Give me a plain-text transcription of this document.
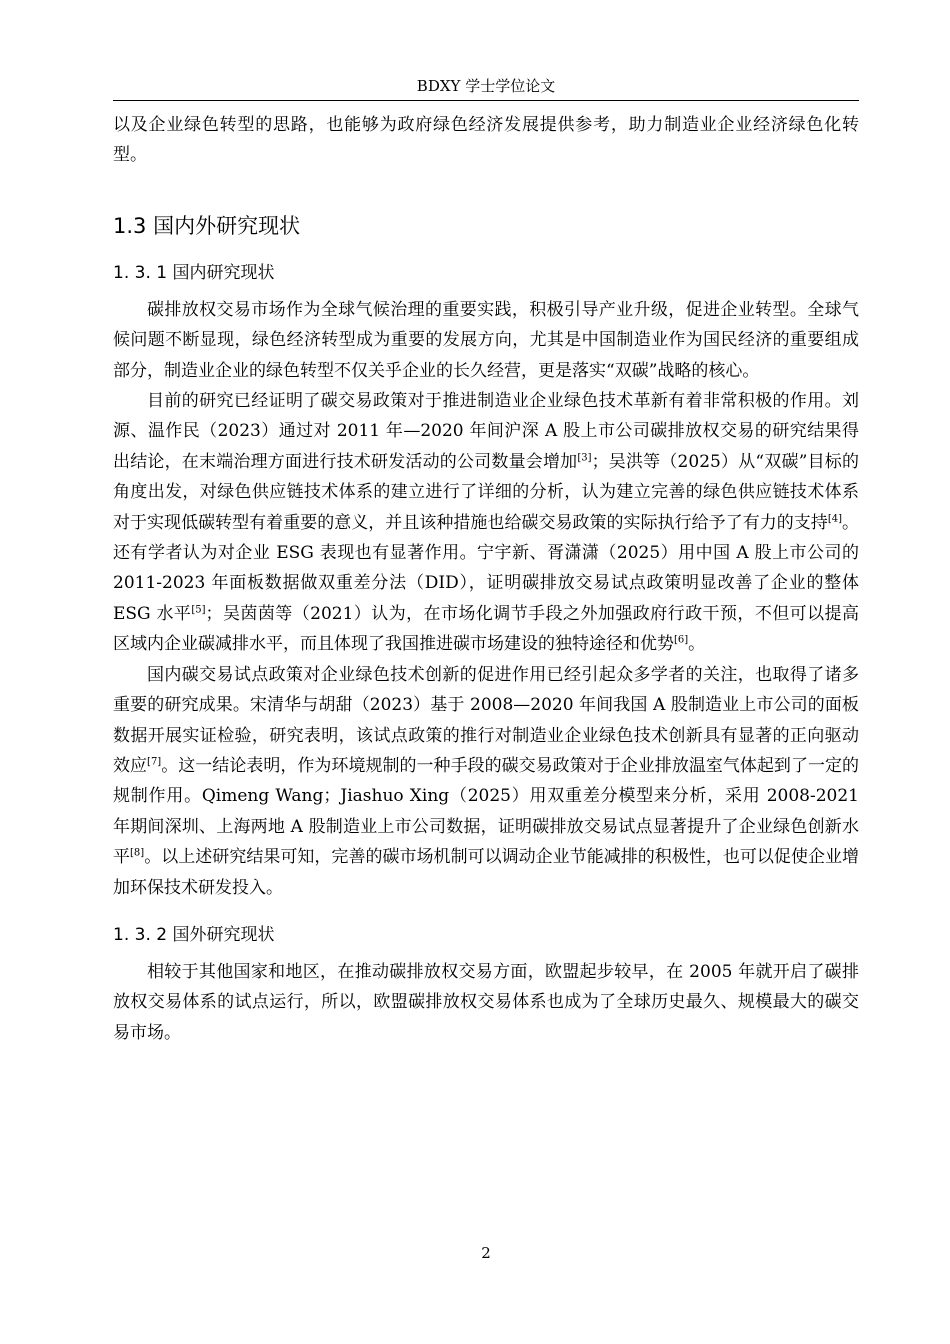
BDXY 学士学位论文

以及企业绿色转型的思路，也能够为政府绿色经济发展提供参考，助力制造业企业经济绿色化转型。

1.3 国内外研究现状
1. 3. 1 国内研究现状

碳排放权交易市场作为全球气候治理的重要实践，积极引导产业升级，促进企业转型。全球气候问题不断显现，绿色经济转型成为重要的发展方向，尤其是中国制造业作为国民经济的重要组成部分，制造业企业的绿色转型不仅关乎企业的长久经营，更是落实“双碳”战略的核心。

目前的研究已经证明了碳交易政策对于推进制造业企业绿色技术革新有着非常积极的作用。刘源、温作民（2023）通过对 2011 年—2020 年间沪深 A 股上市公司碳排放权交易的研究结果得出结论，在末端治理方面进行技术研发活动的公司数量会增加[3]；吴洪等（2025）从“双碳”目标的角度出发，对绿色供应链技术体系的建立进行了详细的分析，认为建立完善的绿色供应链技术体系对于实现低碳转型有着重要的意义，并且该种措施也给碳交易政策的实际执行给予了有力的支持[4]。还有学者认为对企业 ESG 表现也有显著作用。宁宇新、胥潇潇（2025）用中国 A 股上市公司的 2011-2023 年面板数据做双重差分法（DID），证明碳排放交易试点政策明显改善了企业的整体 ESG 水平[5]；吴茵茵等（2021）认为，在市场化调节手段之外加强政府行政干预，不但可以提高区域内企业碳减排水平，而且体现了我国推进碳市场建设的独特途径和优势[6]。

国内碳交易试点政策对企业绿色技术创新的促进作用已经引起众多学者的关注，也取得了诸多重要的研究成果。宋清华与胡甜（2023）基于 2008—2020 年间我国 A 股制造业上市公司的面板数据开展实证检验，研究表明，该试点政策的推行对制造业企业绿色技术创新具有显著的正向驱动效应[7]。这一结论表明，作为环境规制的一种手段的碳交易政策对于企业排放温室气体起到了一定的规制作用。Qimeng Wang；Jiashuo Xing（2025）用双重差分模型来分析，采用 2008-2021 年期间深圳、上海两地 A 股制造业上市公司数据，证明碳排放交易试点显著提升了企业绿色创新水平[8]。以上述研究结果可知，完善的碳市场机制可以调动企业节能减排的积极性，也可以促使企业增加环保技术研发投入。

1. 3. 2 国外研究现状

相较于其他国家和地区，在推动碳排放权交易方面，欧盟起步较早，在 2005 年就开启了碳排放权交易体系的试点运行，所以，欧盟碳排放权交易体系也成为了全球历史最久、规模最大的碳交易市场。

2
